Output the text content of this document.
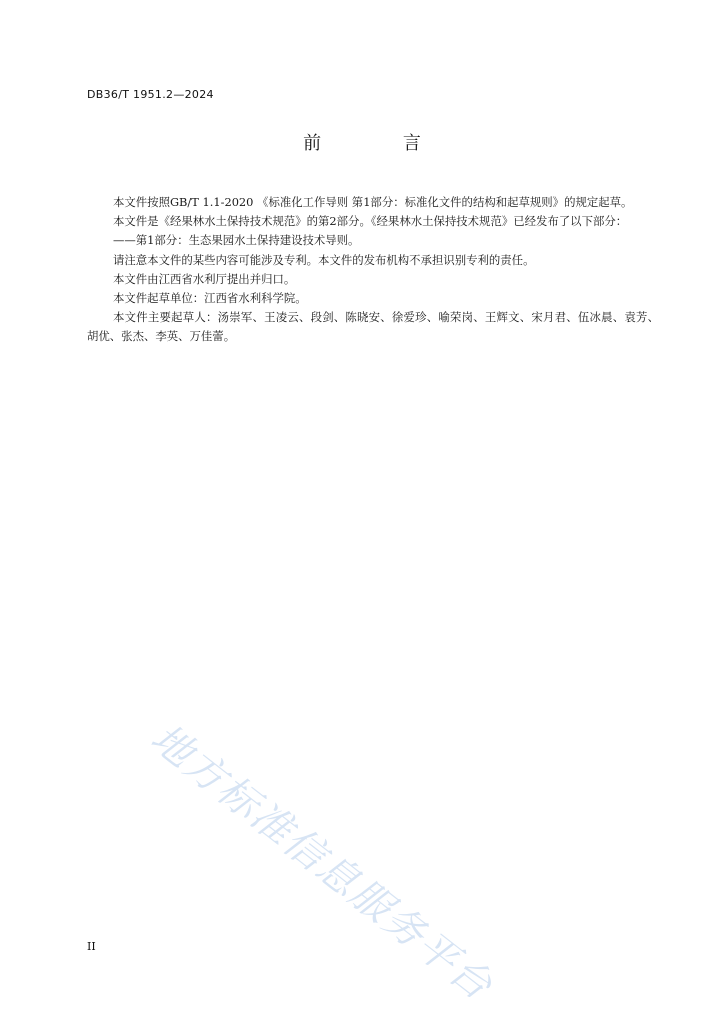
DB36/T 1951.2—2024
前 言

本文件按照GB/T 1.1-2020 《标准化工作导则 第1部分：标准化文件的结构和起草规则》的规定起草。

本文件是《经果林水土保持技术规范》的第2部分。《经果林水土保持技术规范》已经发布了以下部分：

——第1部分：生态果园水土保持建设技术导则。

请注意本文件的某些内容可能涉及专利。本文件的发布机构不承担识别专利的责任。

本文件由江西省水利厅提出并归口。

本文件起草单位：江西省水利科学院。

本文件主要起草人：汤崇军、王凌云、段剑、陈晓安、徐爱珍、喻荣岗、王辉文、宋月君、伍冰晨、袁芳、胡优、张杰、李英、万佳蕾。

地方标准信息服务平台
II
